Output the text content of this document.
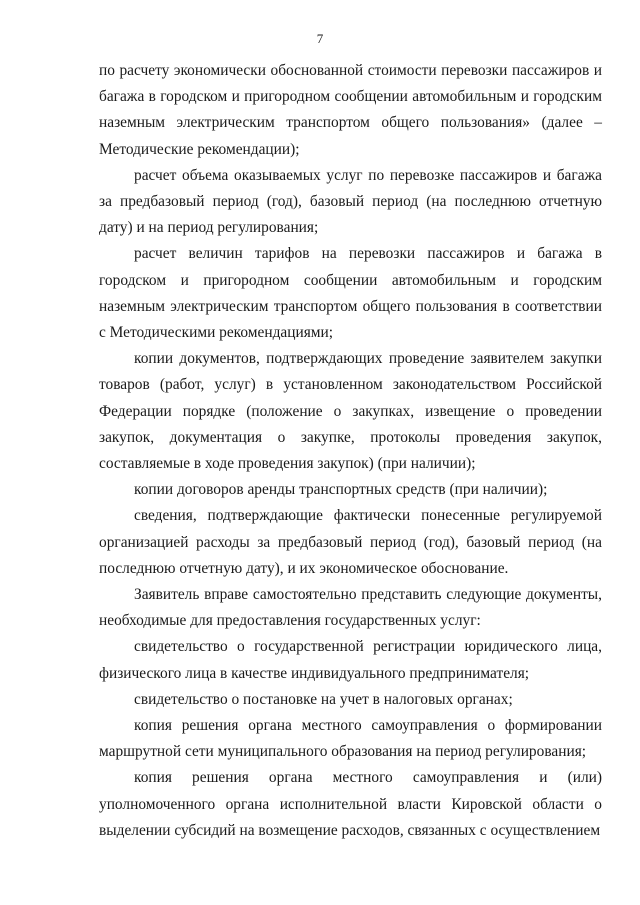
7

по расчету экономически обоснованной стоимости перевозки пассажиров и багажа в городском и пригородном сообщении автомобильным и городским наземным электрическим транспортом общего пользования» (далее – Методические рекомендации);

расчет объема оказываемых услуг по перевозке пассажиров и багажа за предбазовый период (год), базовый период (на последнюю отчетную дату) и на период регулирования;

расчет величин тарифов на перевозки пассажиров и багажа в городском и пригородном сообщении автомобильным и городским наземным электрическим транспортом общего пользования в соответствии с Методическими рекомендациями;

копии документов, подтверждающих проведение заявителем закупки товаров (работ, услуг) в установленном законодательством Российской Федерации порядке (положение о закупках, извещение о проведении закупок, документация о закупке, протоколы проведения закупок, составляемые в ходе проведения закупок) (при наличии);

копии договоров аренды транспортных средств (при наличии);

сведения, подтверждающие фактически понесенные регулируемой организацией расходы за предбазовый период (год), базовый период (на последнюю отчетную дату), и их экономическое обоснование.

Заявитель вправе самостоятельно представить следующие документы, необходимые для предоставления государственных услуг:

свидетельство о государственной регистрации юридического лица, физического лица в качестве индивидуального предпринимателя;

свидетельство о постановке на учет в налоговых органах;

копия решения органа местного самоуправления о формировании маршрутной сети муниципального образования на период регулирования;

копия решения органа местного самоуправления и (или) уполномоченного органа исполнительной власти Кировской области о выделении субсидий на возмещение расходов, связанных с осуществлением
